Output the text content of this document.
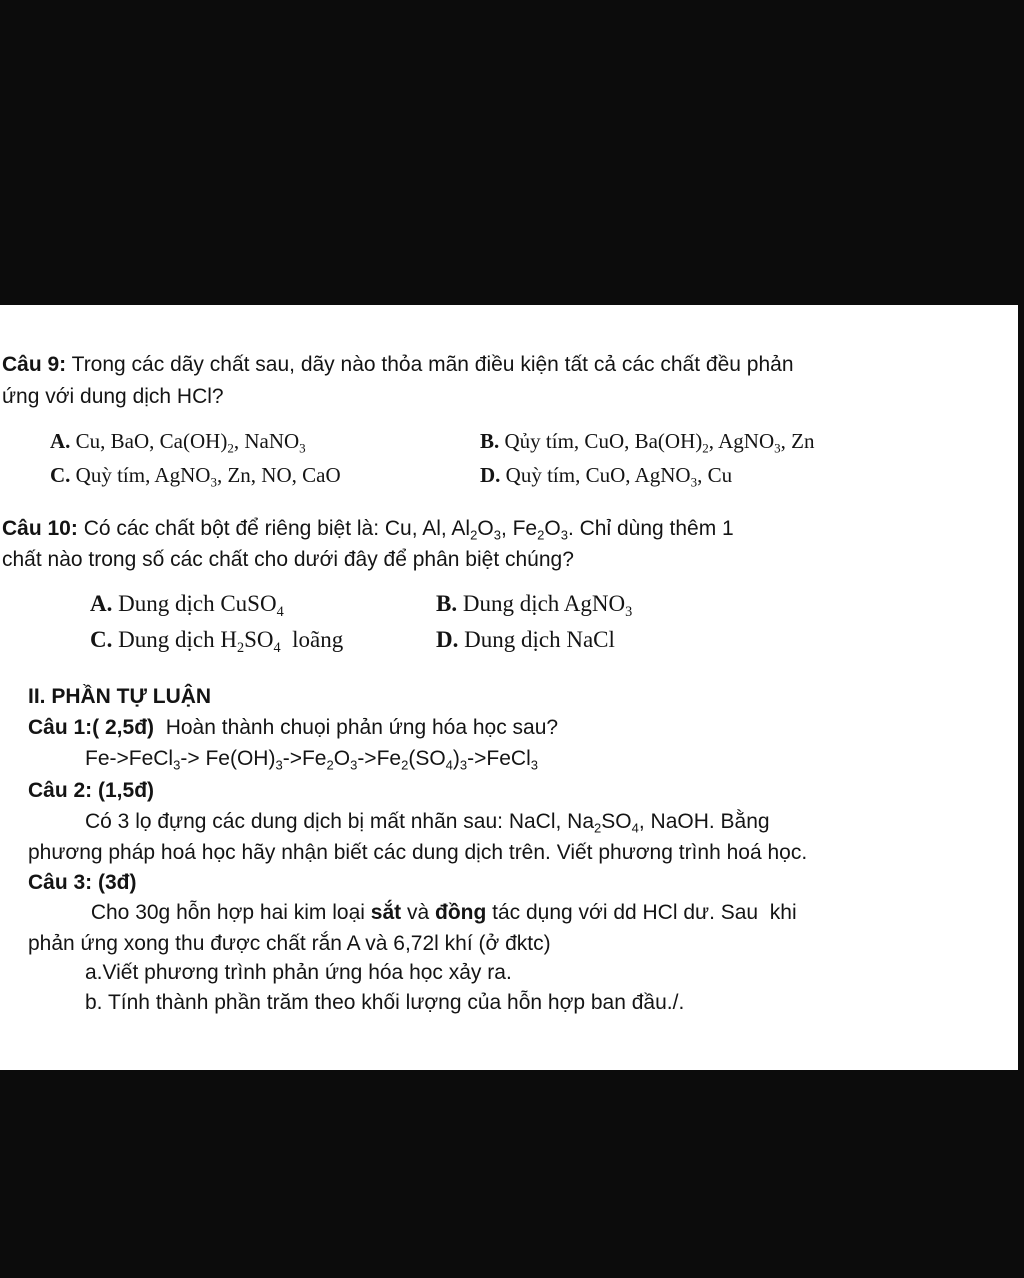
Câu 9: Trong các dãy chất sau, dãy nào thỏa mãn điều kiện tất cả các chất đều phản
ứng với dung dịch HCl?
A. Cu, BaO, $Ca(OH)_2$, NaNO$_3$	B. Qủy tím, CuO, $Ba(OH)_2$, AgNO$_3$, Zn
C. Quỳ tím, AgNO$_3$, Zn, NO, CaO	D. Quỳ tím, CuO, AgNO$_3$, Cu
Câu 10: Có các chất bột để riêng biệt là: Cu, Al, $Al_2O_3$, $Fe_2O_3$. Chỉ dùng thêm 1
chất nào trong số các chất cho dưới đây để phân biệt chúng?
A. Dung dịch CuSO$_4$	B. Dung dịch AgNO$_3$
C. Dung dịch $H_2SO_4$  loãng	D. Dung dịch NaCl
II. PHẦN TỰ LUẬN
Câu 1:( 2,5đ)  Hoàn thành chuọi phản ứng hóa học sau?
Fe->FeCl$_3$-> $Fe(OH)_3->Fe_2O_3->Fe_2(SO_4)_3->FeCl_3$
Câu 2: (1,5đ)
Có 3 lọ đựng các dung dịch bị mất nhãn sau: NaCl, $Na_2SO_4$, NaOH. Bằng
phương pháp hoá học hãy nhận biết các dung dịch trên. Viết phương trình hoá học.
Câu 3: (3đ)
Cho 30g hỗn hợp hai kim loại sắt và đồng tác dụng với dd HCl dư. Sau  khi
phản ứng xong thu được chất rắn A và 6,72l khí (ở đktc)
a.Viết phương trình phản ứng hóa học xảy ra.
b. Tính thành phần trăm theo khối lượng của hỗn hợp ban đầu./.
